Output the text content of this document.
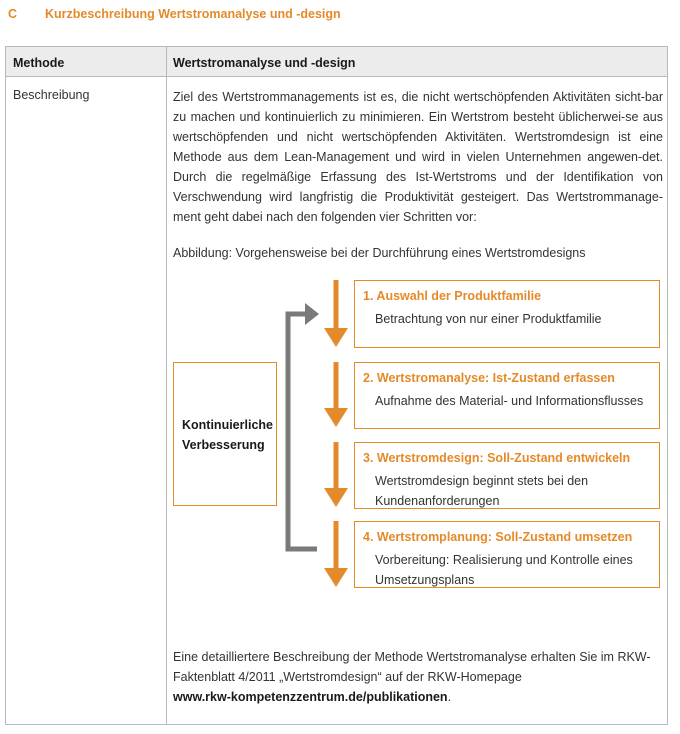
C Kurzbeschreibung Wertstromanalyse und -design
Methode	Wertstromanalyse und -design
Beschreibung	Ziel des Wertstrommanagements ist es, die nicht wertschöpfenden Aktivitäten sicht-bar zu machen und kontinuierlich zu minimieren. Ein Wertstrom besteht üblicherwei-se aus wertschöpfenden und nicht wertschöpfenden Aktivitäten. Wertstromdesign ist eine Methode aus dem Lean-Management und wird in vielen Unternehmen angewen-det. Durch die regelmäßige Erfassung des Ist-Wertstroms und der Identifikation von Verschwendung wird langfristig die Produktivität gesteigert. Das Wertstrommanage-ment geht dabei nach den folgenden vier Schritten vor:

Abbildung: Vorgehensweise bei der Durchführung eines Wertstromdesigns
Eine detailliertere Beschreibung der Methode Wertstromanalyse erhalten Sie im RKW-Faktenblatt 4/2011 „Wertstromdesign“ auf der RKW-Homepage
www.rkw-kompetenzzentrum.de/publikationen.
Kontinuierliche Verbesserung
1. Auswahl der Produktfamilie
Betrachtung von nur einer Produktfamilie
2. Wertstromanalyse: Ist-Zustand erfassen
Aufnahme des Material- und Informationsflusses
3. Wertstromdesign: Soll-Zustand entwickeln
Wertstromdesign beginnt stets bei den Kundenanforderungen
4. Wertstromplanung: Soll-Zustand umsetzen
Vorbereitung: Realisierung und Kontrolle eines Umsetzungsplans
